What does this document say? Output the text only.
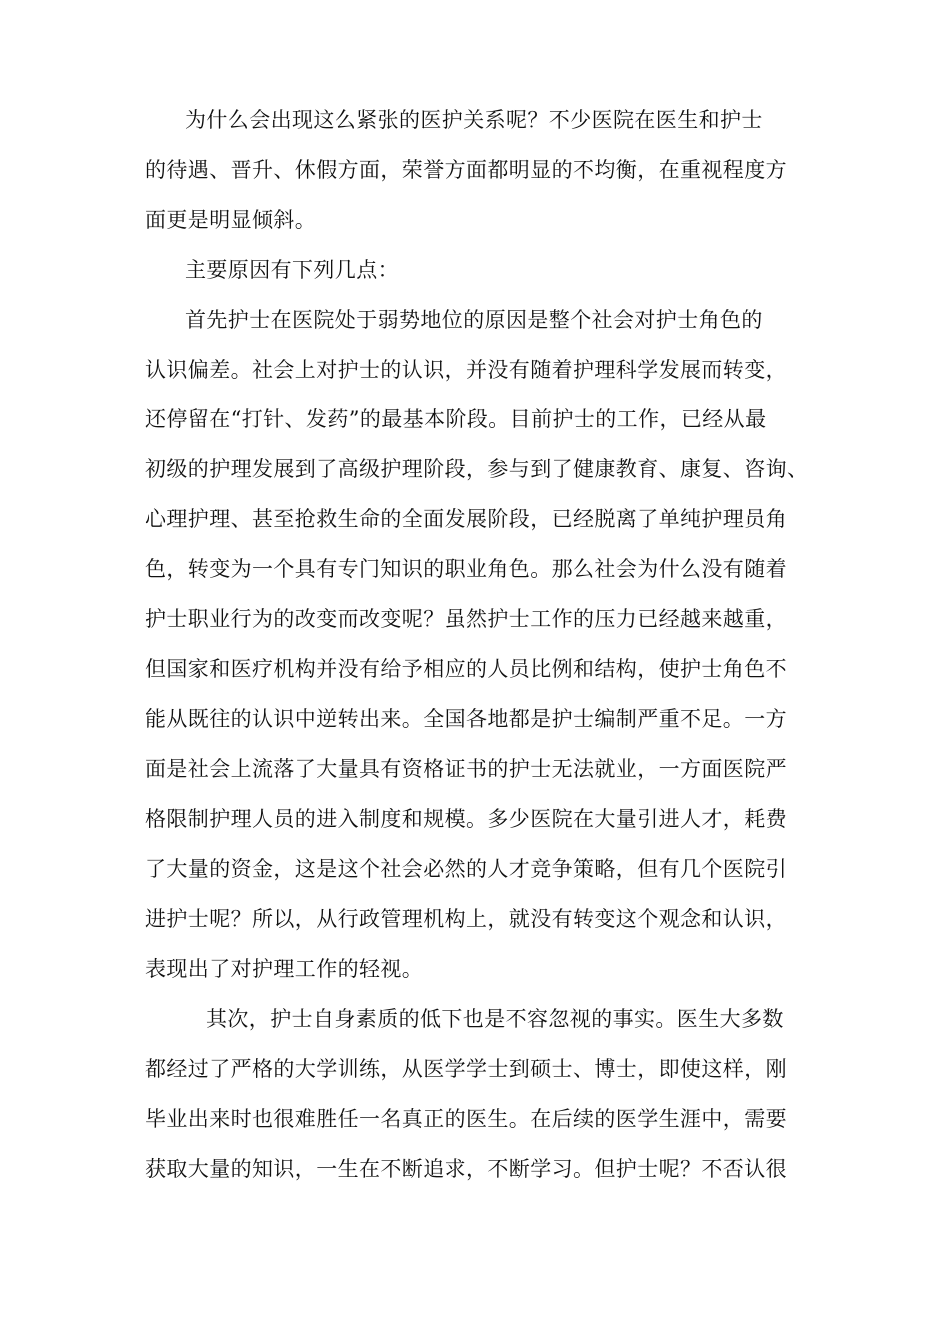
为什么会出现这么紧张的医护关系呢？不少医院在医生和护士
的待遇、晋升、休假方面，荣誉方面都明显的不均衡，在重视程度方
面更是明显倾斜。
主要原因有下列几点：
首先护士在医院处于弱势地位的原因是整个社会对护士角色的
认识偏差。社会上对护士的认识，并没有随着护理科学发展而转变，
还停留在“打针、发药”的最基本阶段。目前护士的工作，已经从最
初级的护理发展到了高级护理阶段，参与到了健康教育、康复、咨询、
心理护理、甚至抢救生命的全面发展阶段，已经脱离了单纯护理员角
色，转变为一个具有专门知识的职业角色。那么社会为什么没有随着
护士职业行为的改变而改变呢？虽然护士工作的压力已经越来越重，
但国家和医疗机构并没有给予相应的人员比例和结构，使护士角色不
能从既往的认识中逆转出来。全国各地都是护士编制严重不足。一方
面是社会上流落了大量具有资格证书的护士无法就业，一方面医院严
格限制护理人员的进入制度和规模。多少医院在大量引进人才，耗费
了大量的资金，这是这个社会必然的人才竞争策略，但有几个医院引
进护士呢？所以，从行政管理机构上，就没有转变这个观念和认识，
表现出了对护理工作的轻视。
其次，护士自身素质的低下也是不容忽视的事实。医生大多数
都经过了严格的大学训练，从医学学士到硕士、博士，即使这样，刚
毕业出来时也很难胜任一名真正的医生。在后续的医学生涯中，需要
获取大量的知识，一生在不断追求，不断学习。但护士呢？不否认很
